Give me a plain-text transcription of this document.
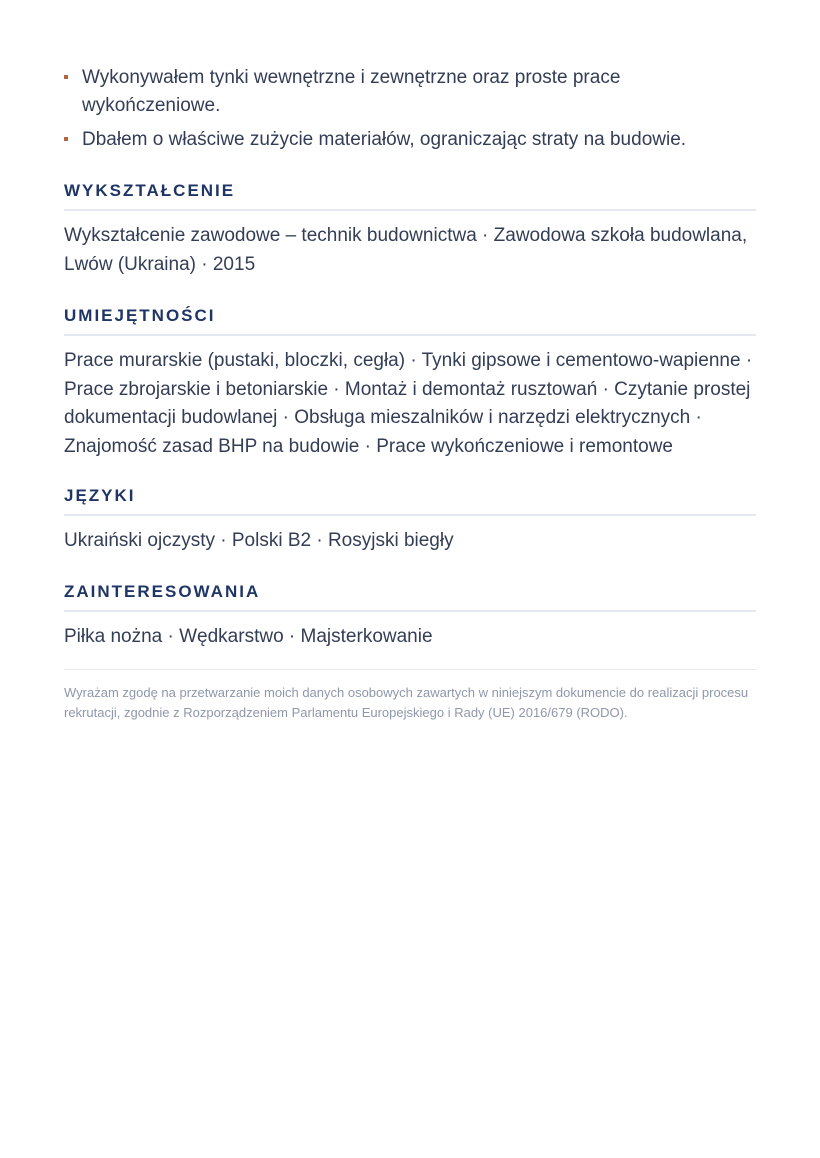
Wykonywałem tynki wewnętrzne i zewnętrzne oraz proste prace wykończeniowe.
Dbałem o właściwe zużycie materiałów, ograniczając straty na budowie.
WYKSZTAŁCENIE

Wykształcenie zawodowe – technik budownictwa · Zawodowa szkoła budowlana, Lwów (Ukraina) · 2015

UMIEJĘTNOŚCI

Prace murarskie (pustaki, bloczki, cegła) · Tynki gipsowe i cementowo-wapienne · Prace zbrojarskie i betoniarskie · Montaż i demontaż rusztowań · Czytanie prostej dokumentacji budowlanej · Obsługa mieszalników i narzędzi elektrycznych · Znajomość zasad BHP na budowie · Prace wykończeniowe i remontowe

JĘZYKI

Ukraiński ojczysty · Polski B2 · Rosyjski biegły

ZAINTERESOWANIA

Piłka nożna · Wędkarstwo · Majsterkowanie

Wyrażam zgodę na przetwarzanie moich danych osobowych zawartych w niniejszym dokumencie do realizacji procesu rekrutacji, zgodnie z Rozporządzeniem Parlamentu Europejskiego i Rady (UE) 2016/679 (RODO).
